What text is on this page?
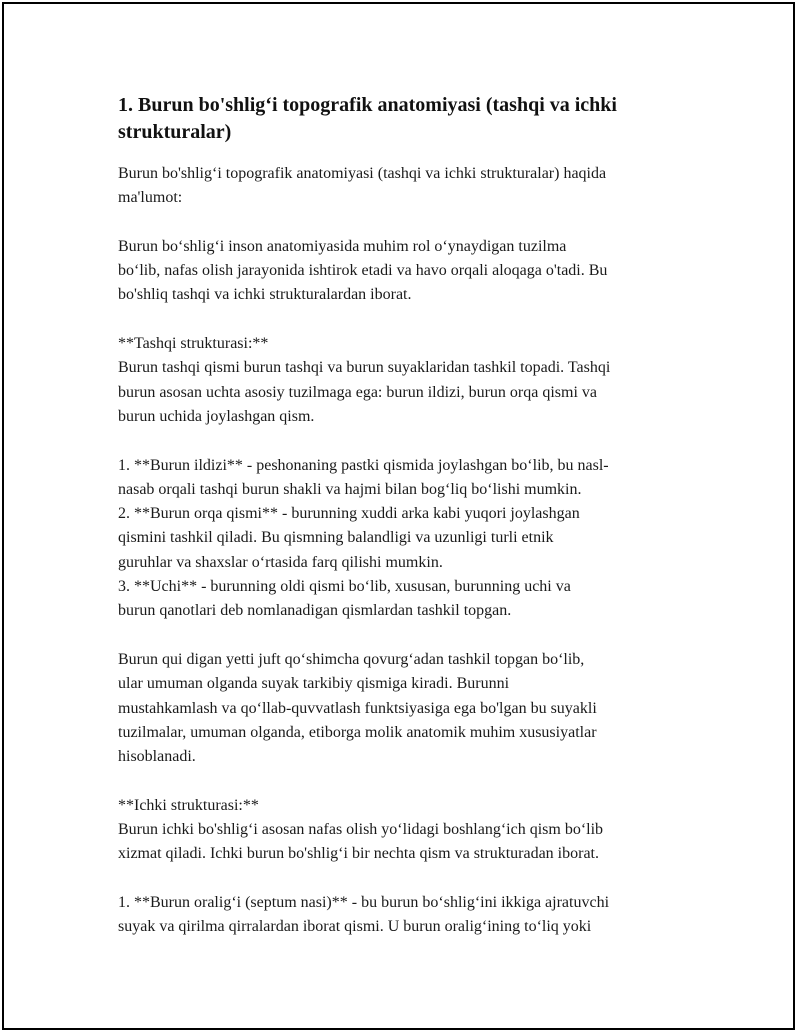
1. Burun bo'shlig‘i topografik anatomiyasi (tashqi va ichki
strukturalar)

Burun bo'shlig‘i topografik anatomiyasi (tashqi va ichki strukturalar) haqida
ma'lumot:

Burun bo‘shlig‘i inson anatomiyasida muhim rol o‘ynaydigan tuzilma
bo‘lib, nafas olish jarayonida ishtirok etadi va havo orqali aloqaga o'tadi. Bu
bo'shliq tashqi va ichki strukturalardan iborat.

**Tashqi strukturasi:**
Burun tashqi qismi burun tashqi va burun suyaklaridan tashkil topadi. Tashqi
burun asosan uchta asosiy tuzilmaga ega: burun ildizi, burun orqa qismi va
burun uchida joylashgan qism.

1. **Burun ildizi** - peshonaning pastki qismida joylashgan bo‘lib, bu nasl-
nasab orqali tashqi burun shakli va hajmi bilan bog‘liq bo‘lishi mumkin.
2. **Burun orqa qismi** - burunning xuddi arka kabi yuqori joylashgan
qismini tashkil qiladi. Bu qismning balandligi va uzunligi turli etnik
guruhlar va shaxslar o‘rtasida farq qilishi mumkin.
3. **Uchi** - burunning oldi qismi bo‘lib, xususan, burunning uchi va
burun qanotlari deb nomlanadigan qismlardan tashkil topgan.

Burun qui digan yetti juft qo‘shimcha qovurg‘adan tashkil topgan bo‘lib,
ular umuman olganda suyak tarkibiy qismiga kiradi. Burunni
mustahkamlash va qo‘llab-quvvatlash funktsiyasiga ega bo'lgan bu suyakli
tuzilmalar, umuman olganda, etiborga molik anatomik muhim xususiyatlar
hisoblanadi.

**Ichki strukturasi:**
Burun ichki bo'shlig‘i asosan nafas olish yo‘lidagi boshlang‘ich qism bo‘lib
xizmat qiladi. Ichki burun bo'shlig‘i bir nechta qism va strukturadan iborat.

1. **Burun oralig‘i (septum nasi)** - bu burun bo‘shlig‘ini ikkiga ajratuvchi
suyak va qirilma qirralardan iborat qismi. U burun oralig‘ining to‘liq yoki
